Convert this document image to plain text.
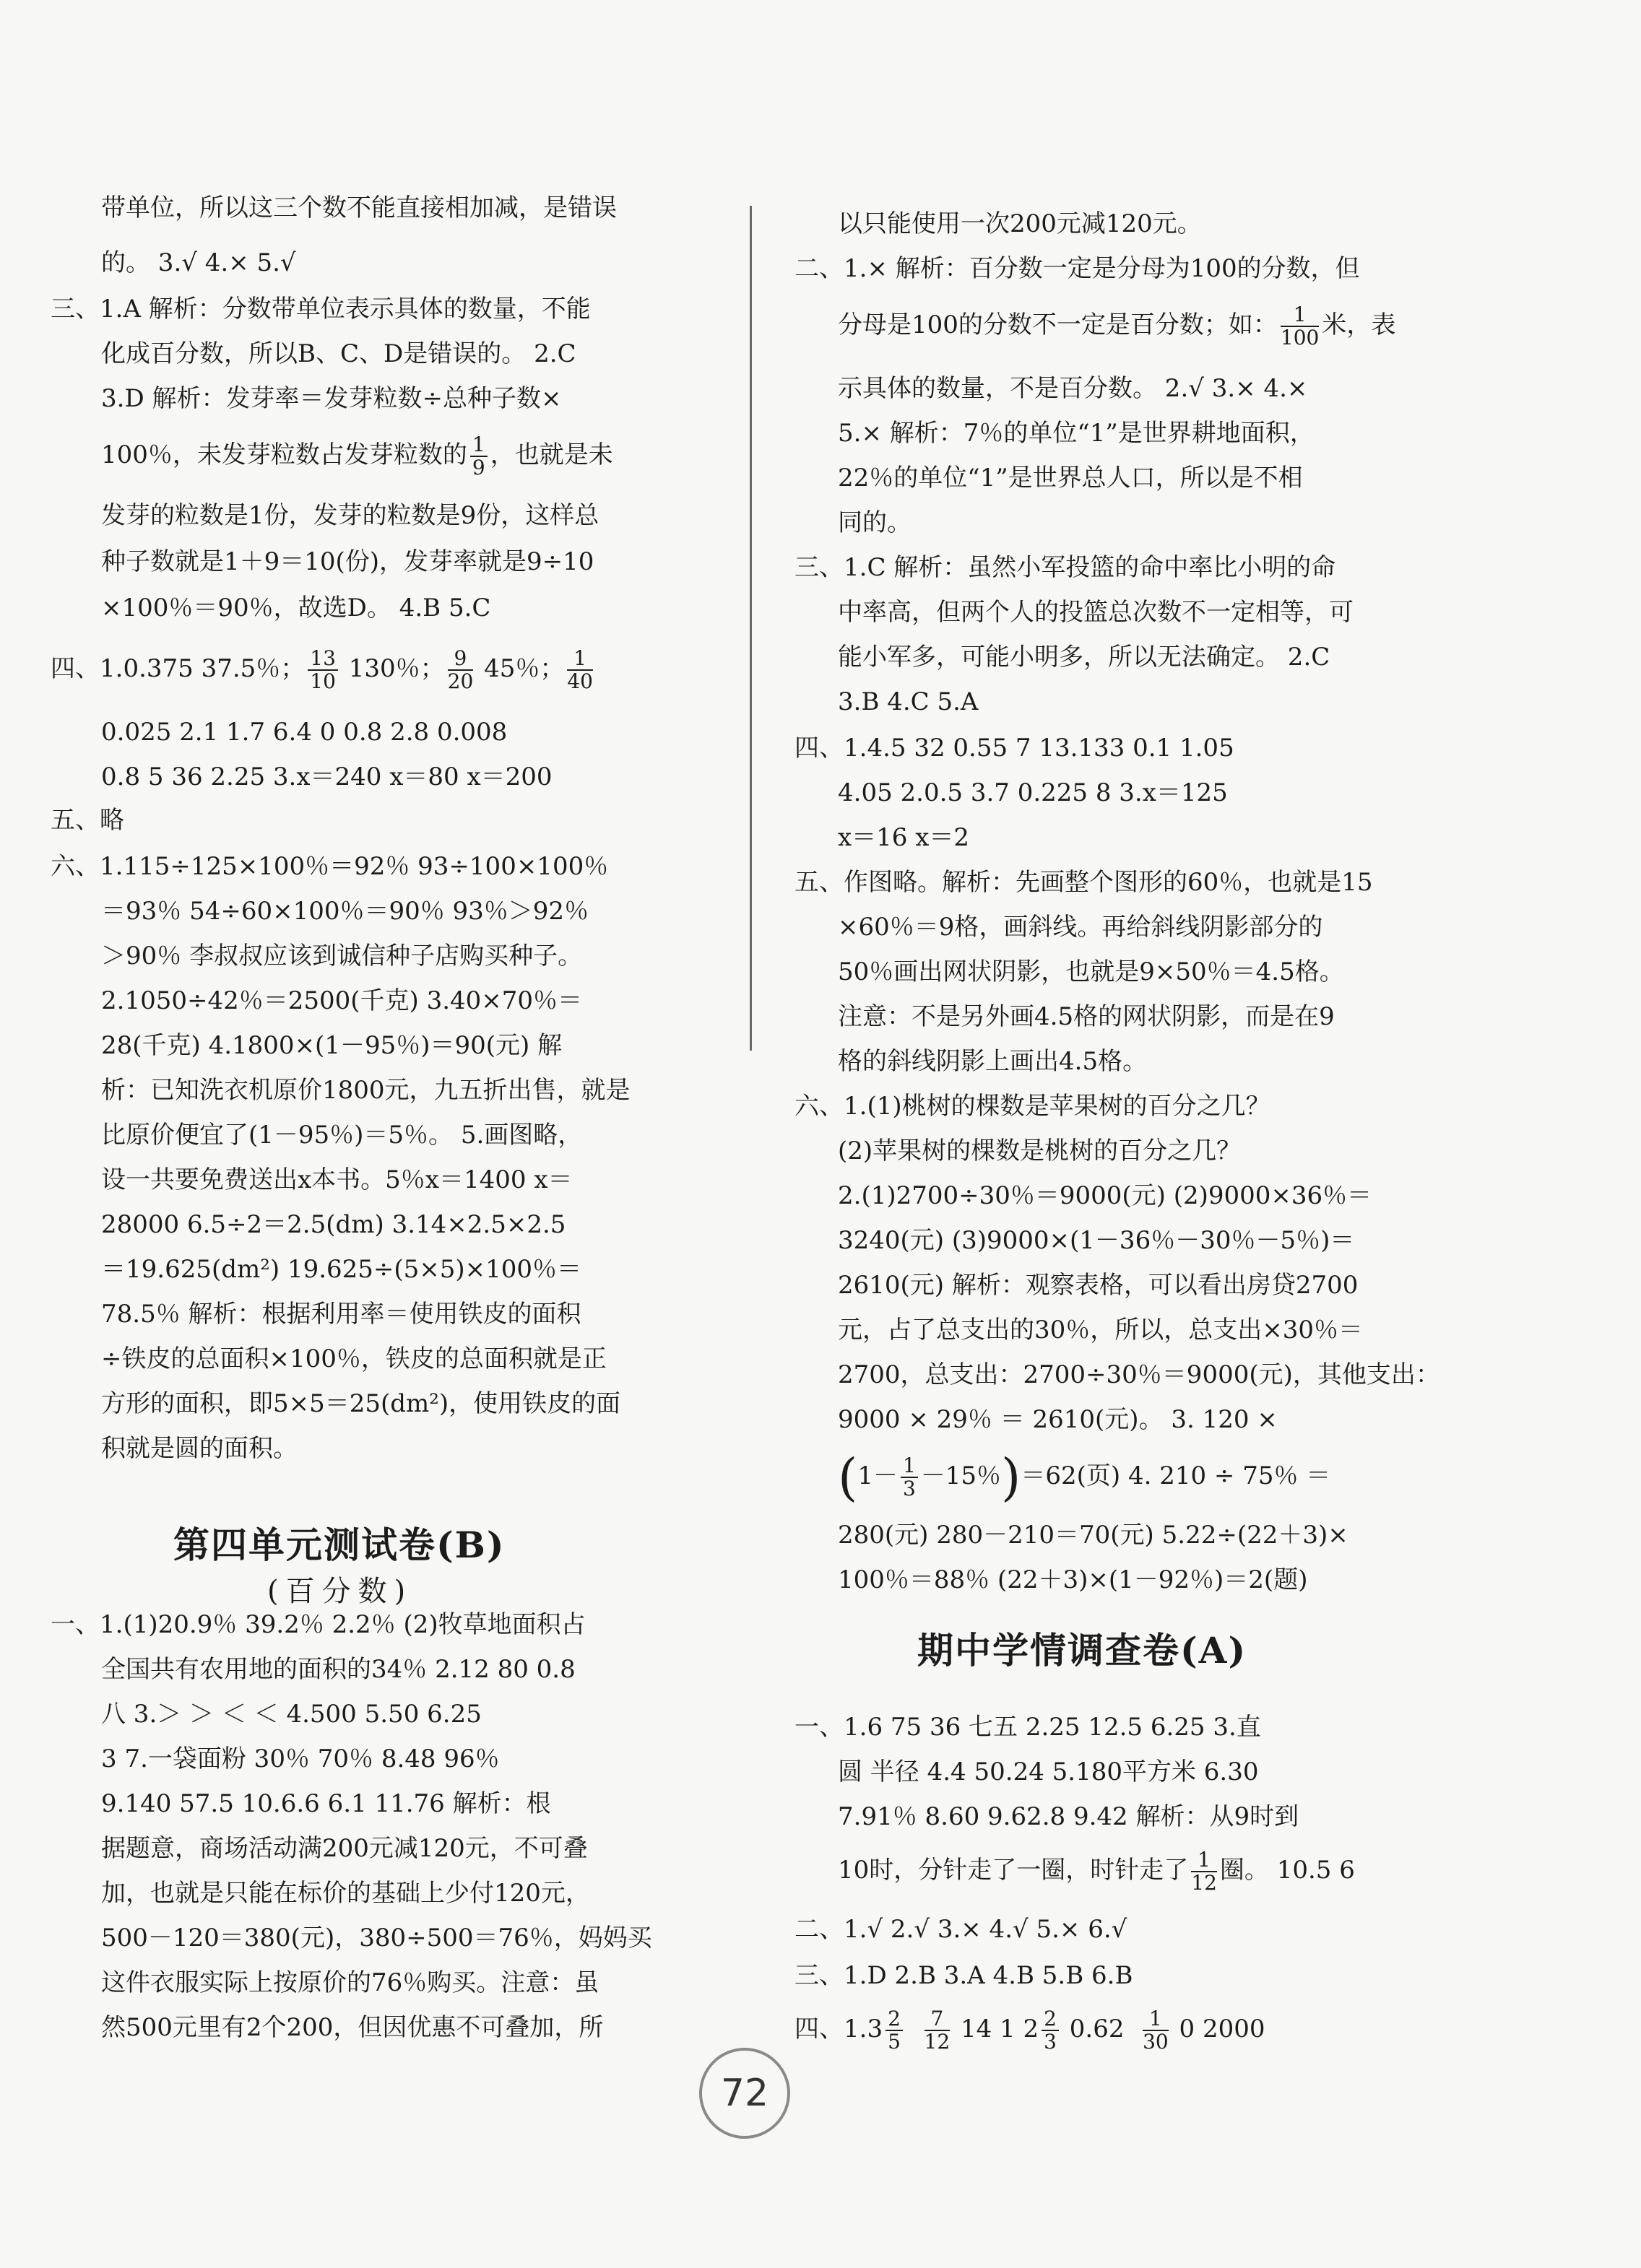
带单位，所以这三个数不能直接相加减，是错误
的。 3.√ 4.× 5.√
三、1.A 解析：分数带单位表示具体的数量，不能
化成百分数，所以B、C、D是错误的。 2.C
3.D 解析：发芽率＝发芽粒数÷总种子数×
100％，未发芽粒数占发芽粒数的 $\frac{1}{9}$ ，也就是未
发芽的粒数是1份，发芽的粒数是9份，这样总
种子数就是1＋9＝10(份)，发芽率就是9÷10
×100％＝90％，故选D。 4.B 5.C
四、1.0.375 37.5％； $\frac{13}{10} 130$％； $\frac{9}{20} 45$％； $\frac{1}{40}$
0.025 2.1 1.7 6.4 0 0.8 2.8 0.008
0.8 5 36 2.25 3.x＝240 x＝80 x＝200
五、略
六、1.115÷125×100％＝92％ 93÷100×100％
＝93％ 54÷60×100％＝90％ 93％＞92％
＞90％ 李叔叔应该到诚信种子店购买种子。
2.1050÷42％＝2500(千克) 3.40×70％＝
28(千克) 4.1800×(1－95％)＝90(元) 解
析：已知洗衣机原价1800元，九五折出售，就是
比原价便宜了(1－95％)＝5％。 5.画图略，
设一共要免费送出x本书。5％x＝1400 x＝
28000 6.5÷2＝2.5(dm) 3.14×2.5×2.5
＝19.625(dm²) 19.625÷(5×5)×100％＝
78.5％ 解析：根据利用率＝使用铁皮的面积
÷铁皮的总面积×100％，铁皮的总面积就是正
方形的面积，即5×5＝25(dm²)，使用铁皮的面
积就是圆的面积。
第四单元测试卷(B)
(百分数)
一、1.(1)20.9％ 39.2％ 2.2％ (2)牧草地面积占
全国共有农用地的面积的34％ 2.12 80 0.8
八 3.＞ ＞ ＜ ＜ 4.500 5.50 6.25
3 7.一袋面粉 30％ 70％ 8.48 96％
9.140 57.5 10.6.6 6.1 11.76 解析：根
据题意，商场活动满200元减120元，不可叠
加，也就是只能在标价的基础上少付120元，
500－120＝380(元)，380÷500＝76％，妈妈买
这件衣服实际上按原价的76％购买。注意：虽
然500元里有2个200，但因优惠不可叠加，所
以只能使用一次200元减120元。
二、1.× 解析：百分数一定是分母为100的分数，但
分母是100的分数不一定是百分数；如： $\frac{1}{100}$ 米，表
示具体的数量，不是百分数。 2.√ 3.× 4.×
5.× 解析：7％的单位“1”是世界耕地面积，
22％的单位“1”是世界总人口，所以是不相
同的。
三、1.C 解析：虽然小军投篮的命中率比小明的命
中率高，但两个人的投篮总次数不一定相等，可
能小军多，可能小明多，所以无法确定。 2.C
3.B 4.C 5.A
四、1.4.5 32 0.55 7 13.133 0.1 1.05
4.05 2.0.5 3.7 0.225 8 3.x＝125
x＝16 x＝2
五、作图略。解析：先画整个图形的60％，也就是15
×60％＝9格，画斜线。再给斜线阴影部分的
50％画出网状阴影，也就是9×50％＝4.5格。
注意：不是另外画4.5格的网状阴影，而是在9
格的斜线阴影上画出4.5格。
六、1.(1)桃树的棵数是苹果树的百分之几？
(2)苹果树的棵数是桃树的百分之几？
2.(1)2700÷30％＝9000(元) (2)9000×36％＝
3240(元) (3)9000×(1－36％－30％－5％)＝
2610(元) 解析：观察表格，可以看出房贷2700
元，占了总支出的30％，所以，总支出×30％＝
2700，总支出：2700÷30％＝9000(元)，其他支出：
9000 × 29％ ＝ 2610(元)。 3. 120 ×
($1- \frac{1}{3} -15$％)＝62(页) 4. 210 ÷ 75％ ＝
280(元) 280－210＝70(元) 5.22÷(22＋3)×
100％＝88％ (22＋3)×(1－92％)＝2(题)
期中学情调查卷(A)
一、1.6 75 36 七五 2.25 12.5 6.25 3.直
圆 半径 4.4 50.24 5.180平方米 6.30
7.91％ 8.60 9.62.8 9.42 解析：从9时到
10时，分针走了一圈，时针走了 $\frac{1}{12}$ 圈。 10.5 6
二、1.√ 2.√ 3.× 4.√ 5.× 6.√
三、1.D 2.B 3.A 4.B 5.B 6.B
四、$1.3 \frac{2}{5}$
$\frac{7}{12} 14$ 1 $2 \frac{2}{3} 0.62 \frac{1}{30} 0$ 2000
72
